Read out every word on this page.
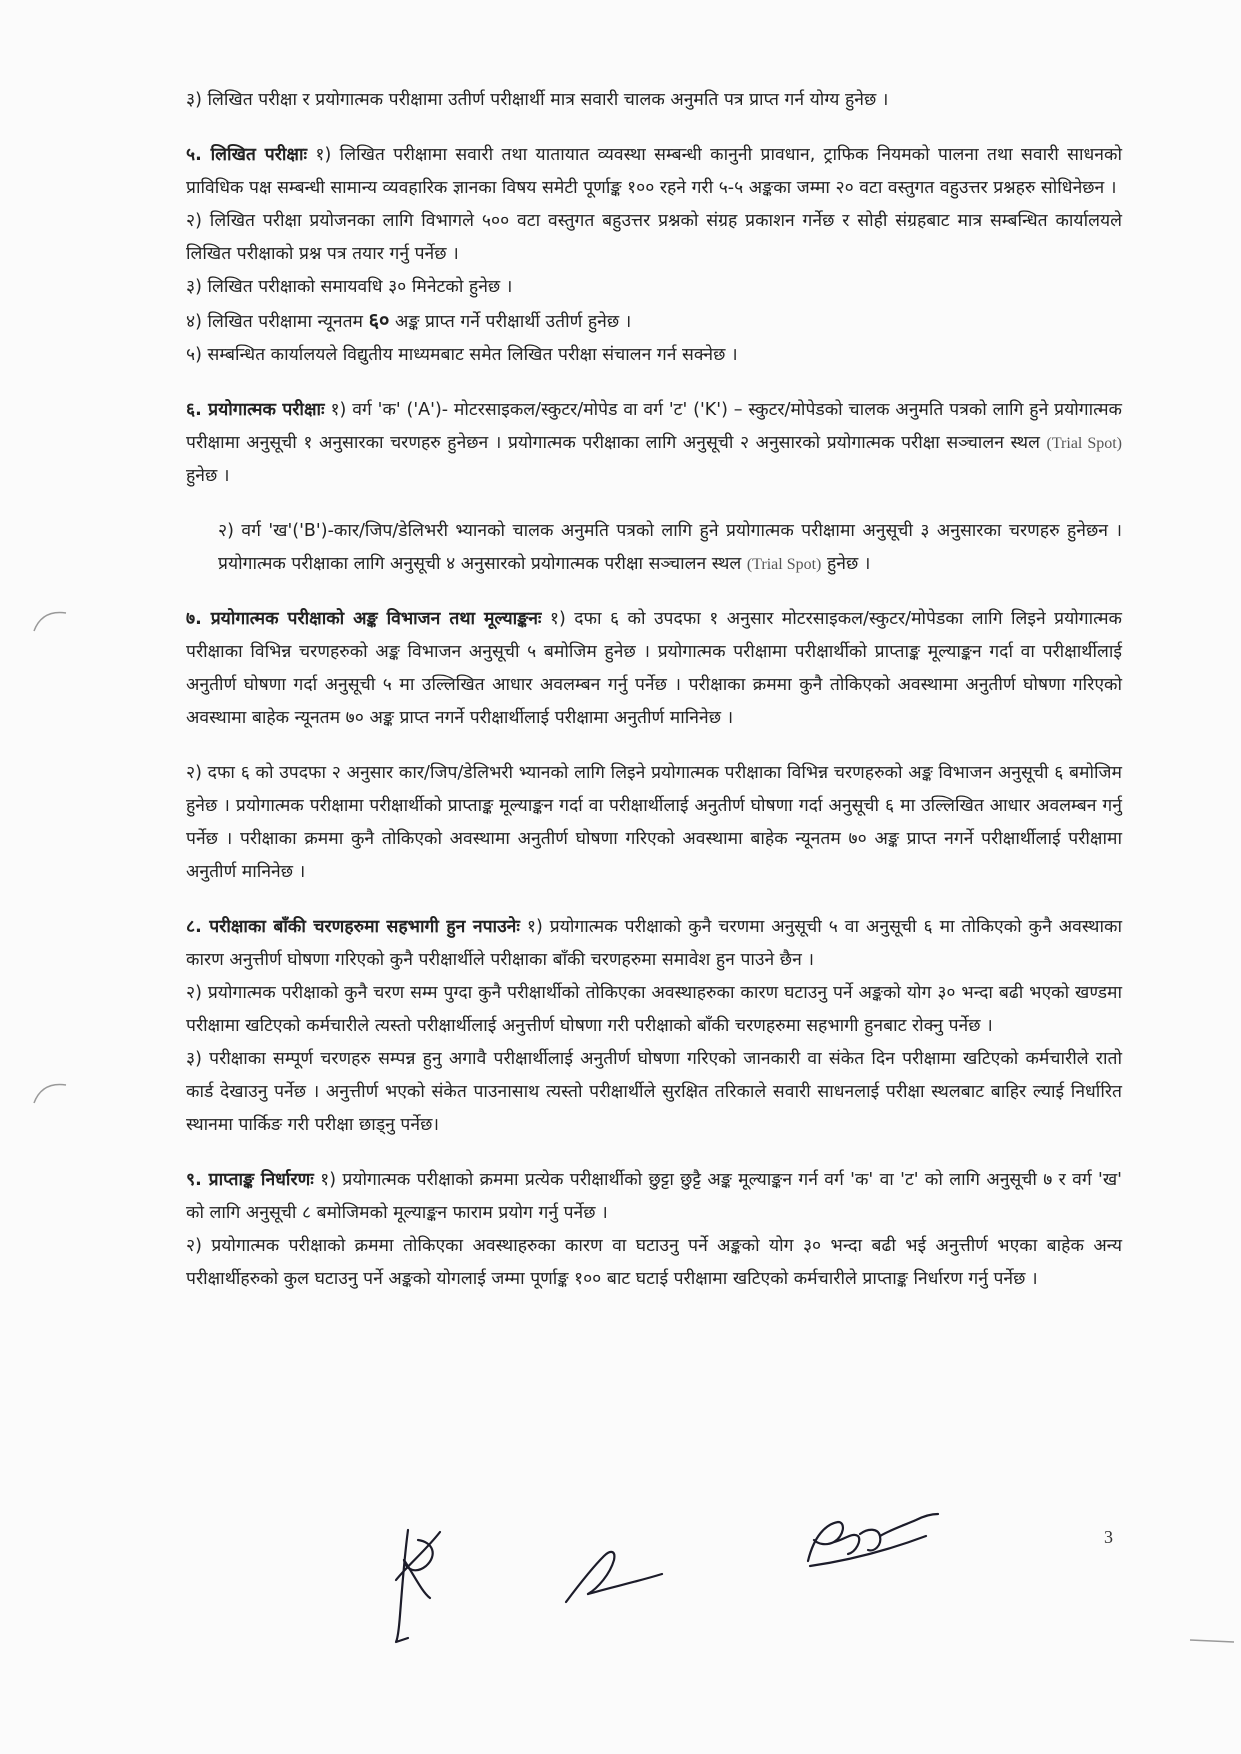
३) लिखित परीक्षा र प्रयोगात्मक परीक्षामा उतीर्ण परीक्षार्थी मात्र सवारी चालक अनुमति पत्र प्राप्त गर्न योग्य हुनेछ ।

५. लिखित परीक्षाः १) लिखित परीक्षामा सवारी तथा यातायात व्यवस्था सम्बन्धी कानुनी प्रावधान, ट्राफिक नियमको पालना तथा सवारी साधनको प्राविधिक पक्ष सम्बन्धी सामान्य व्यवहारिक ज्ञानका विषय समेटी पूर्णाङ्क १०० रहने गरी ५-५ अङ्कका जम्मा २० वटा वस्तुगत वहुउत्तर प्रश्नहरु सोधिनेछन ।

२) लिखित परीक्षा प्रयोजनका लागि विभागले ५०० वटा वस्तुगत बहुउत्तर प्रश्नको संग्रह प्रकाशन गर्नेछ र सोही संग्रहबाट मात्र सम्बन्धित कार्यालयले लिखित परीक्षाको प्रश्न पत्र तयार गर्नु पर्नेछ ।

३) लिखित परीक्षाको समायवधि ३० मिनेटको हुनेछ ।

४) लिखित परीक्षामा न्यूनतम ६० अङ्क प्राप्त गर्ने परीक्षार्थी उतीर्ण हुनेछ ।

५) सम्बन्धित कार्यालयले विद्युतीय माध्यमबाट समेत लिखित परीक्षा संचालन गर्न सक्नेछ ।

६. प्रयोगात्मक परीक्षाः १) वर्ग 'क' ('A')- मोटरसाइकल/स्कुटर/मोपेड वा वर्ग 'ट' ('K') – स्कुटर/मोपेडको चालक अनुमति पत्रको लागि हुने प्रयोगात्मक परीक्षामा अनुसूची १ अनुसारका चरणहरु हुनेछन । प्रयोगात्मक परीक्षाका लागि अनुसूची २ अनुसारको प्रयोगात्मक परीक्षा सञ्चालन स्थल (Trial Spot) हुनेछ ।

२) वर्ग 'ख'('B')-कार/जिप/डेलिभरी भ्यानको चालक अनुमति पत्रको लागि हुने प्रयोगात्मक परीक्षामा अनुसूची ३ अनुसारका चरणहरु हुनेछन । प्रयोगात्मक परीक्षाका लागि अनुसूची ४ अनुसारको प्रयोगात्मक परीक्षा सञ्चालन स्थल (Trial Spot) हुनेछ ।

७. प्रयोगात्मक परीक्षाको अङ्क विभाजन तथा मूल्याङ्कनः १) दफा ६ को उपदफा १ अनुसार मोटरसाइकल/स्कुटर/मोपेडका लागि लिइने प्रयोगात्मक परीक्षाका विभिन्न चरणहरुको अङ्क विभाजन अनुसूची ५ बमोजिम हुनेछ । प्रयोगात्मक परीक्षामा परीक्षार्थीको प्राप्ताङ्क मूल्याङ्कन गर्दा वा परीक्षार्थीलाई अनुतीर्ण घोषणा गर्दा अनुसूची ५ मा उल्लिखित आधार अवलम्बन गर्नु पर्नेछ । परीक्षाका क्रममा कुनै तोकिएको अवस्थामा अनुतीर्ण घोषणा गरिएको अवस्थामा बाहेक न्यूनतम ७० अङ्क प्राप्त नगर्ने परीक्षार्थीलाई परीक्षामा अनुतीर्ण मानिनेछ ।

२) दफा ६ को उपदफा २ अनुसार कार/जिप/डेलिभरी भ्यानको लागि लिइने प्रयोगात्मक परीक्षाका विभिन्न चरणहरुको अङ्क विभाजन अनुसूची ६ बमोजिम हुनेछ । प्रयोगात्मक परीक्षामा परीक्षार्थीको प्राप्ताङ्क मूल्याङ्कन गर्दा वा परीक्षार्थीलाई अनुतीर्ण घोषणा गर्दा अनुसूची ६ मा उल्लिखित आधार अवलम्बन गर्नु पर्नेछ । परीक्षाका क्रममा कुनै तोकिएको अवस्थामा अनुतीर्ण घोषणा गरिएको अवस्थामा बाहेक न्यूनतम ७० अङ्क प्राप्त नगर्ने परीक्षार्थीलाई परीक्षामा अनुतीर्ण मानिनेछ ।

८. परीक्षाका बाँकी चरणहरुमा सहभागी हुन नपाउनेः १) प्रयोगात्मक परीक्षाको कुनै चरणमा अनुसूची ५ वा अनुसूची ६ मा तोकिएको कुनै अवस्थाका कारण अनुत्तीर्ण घोषणा गरिएको कुनै परीक्षार्थीले परीक्षाका बाँकी चरणहरुमा समावेश हुन पाउने छैन ।

२) प्रयोगात्मक परीक्षाको कुनै चरण सम्म पुग्दा कुनै परीक्षार्थीको तोकिएका अवस्थाहरुका कारण घटाउनु पर्ने अङ्कको योग ३० भन्दा बढी भएको खण्डमा परीक्षामा खटिएको कर्मचारीले त्यस्तो परीक्षार्थीलाई अनुत्तीर्ण घोषणा गरी परीक्षाको बाँकी चरणहरुमा सहभागी हुनबाट रोक्नु पर्नेछ ।

३) परीक्षाका सम्पूर्ण चरणहरु सम्पन्न हुनु अगावै परीक्षार्थीलाई अनुतीर्ण घोषणा गरिएको जानकारी वा संकेत दिन परीक्षामा खटिएको कर्मचारीले रातो कार्ड देखाउनु पर्नेछ । अनुत्तीर्ण भएको संकेत पाउनासाथ त्यस्तो परीक्षार्थीले सुरक्षित तरिकाले सवारी साधनलाई परीक्षा स्थलबाट बाहिर ल्याई निर्धारित स्थानमा पार्किङ गरी परीक्षा छाड्नु पर्नेछ।

९. प्राप्ताङ्क निर्धारणः १) प्रयोगात्मक परीक्षाको क्रममा प्रत्येक परीक्षार्थीको छुट्टा छुट्टै अङ्क मूल्याङ्कन गर्न वर्ग 'क' वा 'ट' को लागि अनुसूची ७ र वर्ग 'ख' को लागि अनुसूची ८ बमोजिमको मूल्याङ्कन फाराम प्रयोग गर्नु पर्नेछ ।

२) प्रयोगात्मक परीक्षाको क्रममा तोकिएका अवस्थाहरुका कारण वा घटाउनु पर्ने अङ्कको योग ३० भन्दा बढी भई अनुत्तीर्ण भएका बाहेक अन्य परीक्षार्थीहरुको कुल घटाउनु पर्ने अङ्कको योगलाई जम्मा पूर्णाङ्क १०० बाट घटाई परीक्षामा खटिएको कर्मचारीले प्राप्ताङ्क निर्धारण गर्नु पर्नेछ ।

3
